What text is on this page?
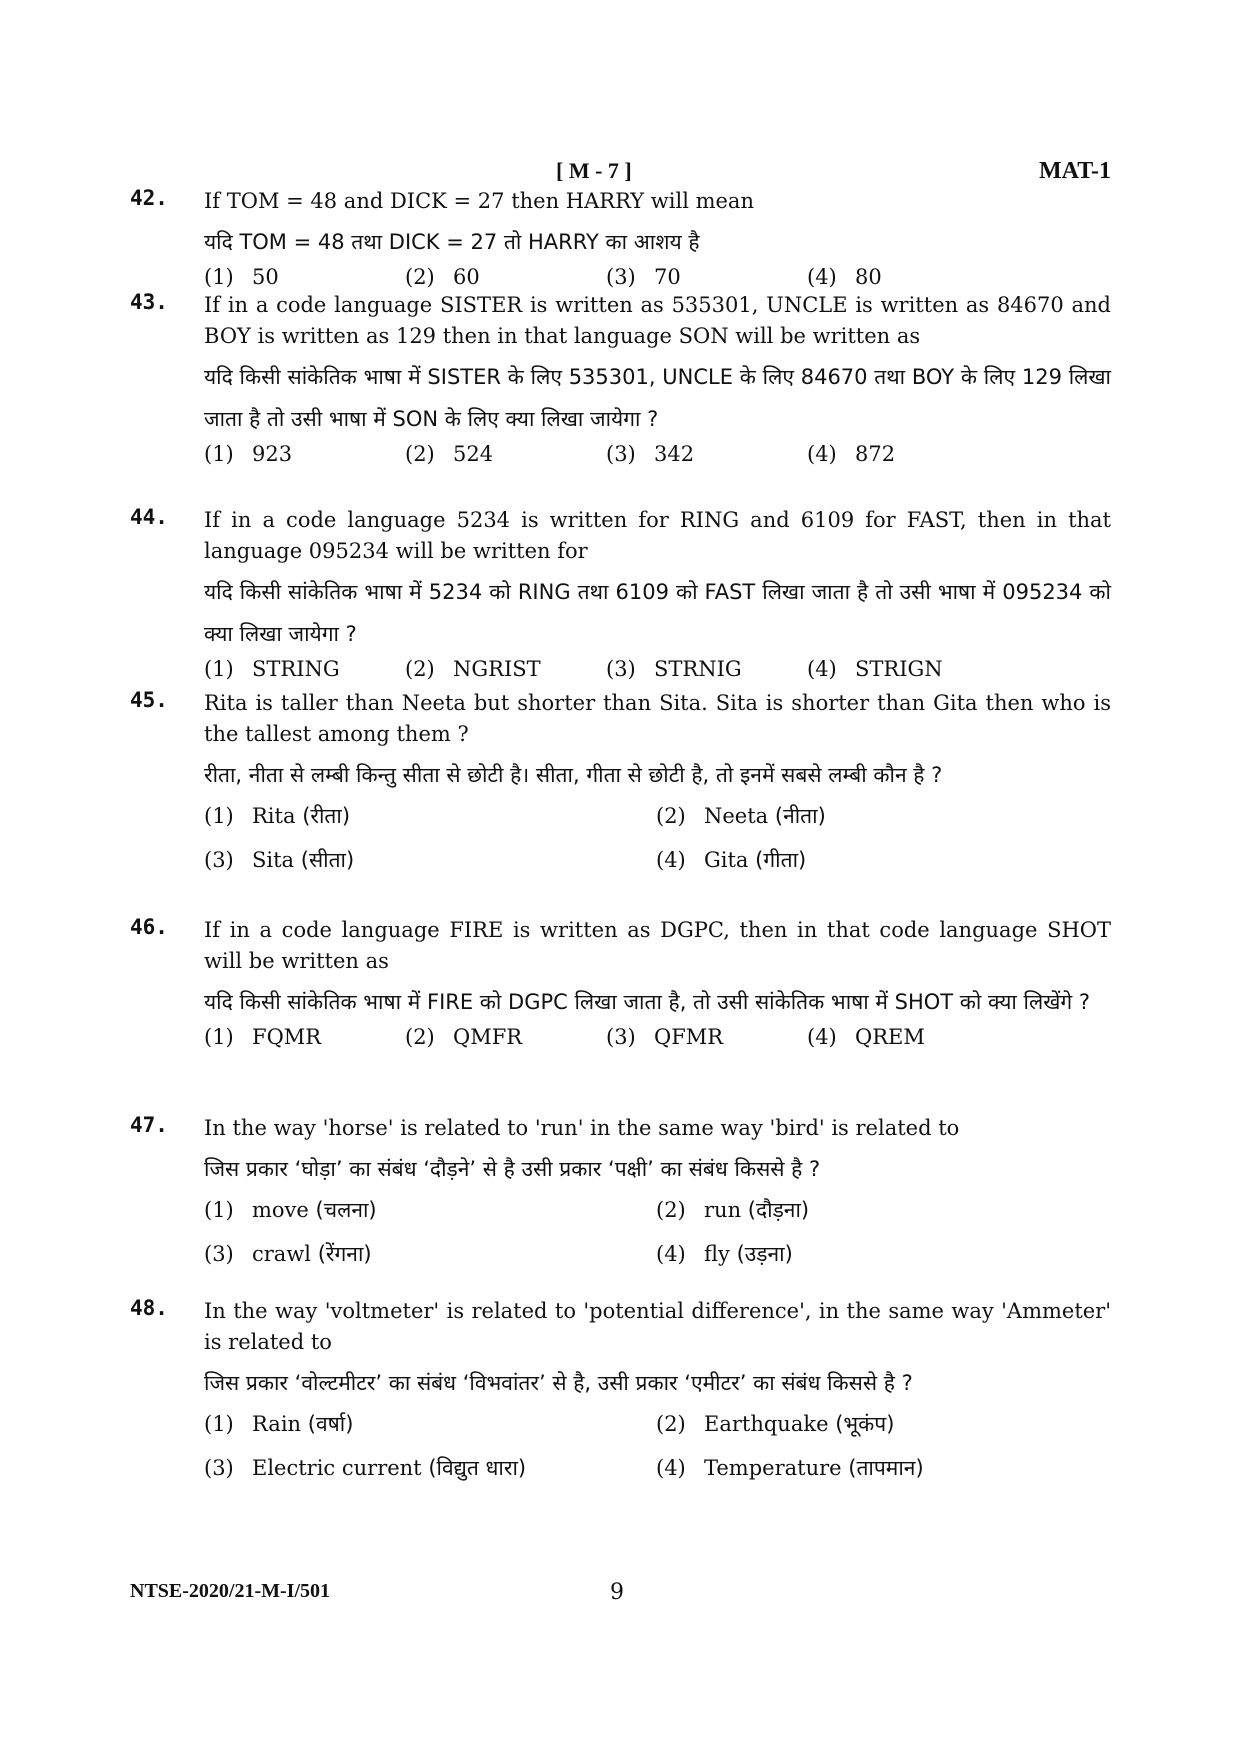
[ M - 7 ]	MAT-1
42. If TOM = 48 and DICK = 27 then HARRY will mean
यदि TOM = 48 तथा DICK = 27 तो HARRY का आशय है
(1) 50	(2) 60	(3) 70	(4) 80
43. If in a code language SISTER is written as 535301, UNCLE is written as 84670 and BOY is written as 129 then in that language SON will be written as
यदि किसी सांकेतिक भाषा में SISTER के लिए 535301, UNCLE के लिए 84670 तथा BOY के लिए 129 लिखा जाता है तो उसी भाषा में SON के लिए क्या लिखा जायेगा ?
(1) 923	(2) 524	(3) 342	(4) 872
44. If in a code language 5234 is written for RING and 6109 for FAST, then in that language 095234 will be written for
यदि किसी सांकेतिक भाषा में 5234 को RING तथा 6109 को FAST लिखा जाता है तो उसी भाषा में 095234 को क्या लिखा जायेगा ?
(1) STRING	(2) NGRIST	(3) STRNIG	(4) STRIGN
45. Rita is taller than Neeta but shorter than Sita. Sita is shorter than Gita then who is the tallest among them ?
रीता, नीता से लम्बी किन्तु सीता से छोटी है। सीता, गीता से छोटी है, तो इनमें सबसे लम्बी कौन है ?
(1) Rita (रीता)	(2) Neeta (नीता)
(3) Sita (सीता)	(4) Gita (गीता)
46. If in a code language FIRE is written as DGPC, then in that code language SHOT will be written as
यदि किसी सांकेतिक भाषा में FIRE को DGPC लिखा जाता है, तो उसी सांकेतिक भाषा में SHOT को क्या लिखेंगे ?
(1) FQMR	(2) QMFR	(3) QFMR	(4) QREM
47. In the way 'horse' is related to 'run' in the same way 'bird' is related to
जिस प्रकार ‘घोड़ा’ का संबंध ‘दौड़ने’ से है उसी प्रकार ‘पक्षी’ का संबंध किससे है ?
(1) move (चलना)	(2) run (दौड़ना)
(3) crawl (रेंगना)	(4) fly (उड़ना)
48. In the way 'voltmeter' is related to 'potential difference', in the same way 'Ammeter' is related to
जिस प्रकार ‘वोल्टमीटर’ का संबंध ‘विभवांतर’ से है, उसी प्रकार ‘एमीटर’ का संबंध किससे है ?
(1) Rain (वर्षा)	(2) Earthquake (भूकंप)
(3) Electric current (विद्युत धारा)	(4) Temperature (तापमान)
NTSE-2020/21-M-I/501	9
